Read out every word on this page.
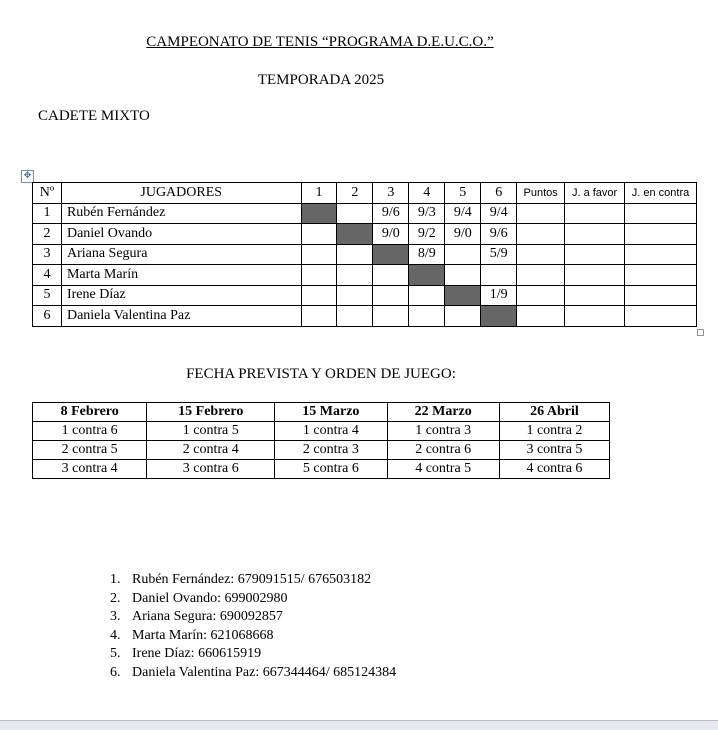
CAMPEONATO DE TENIS “PROGRAMA D.E.U.C.O.”
TEMPORADA 2025
CADETE MIXTO
✥
Nº	JUGADORES	1	2	3	4	5	6	Puntos	J. a favor	J. en contra
1	Rubén Fernández			9/6	9/3	9/4	9/4			
2	Daniel Ovando			9/0	9/2	9/0	9/6			
3	Ariana Segura				8/9		5/9			
4	Marta Marín									
5	Irene Díaz						1/9			
6	Daniela Valentina Paz									
FECHA PREVISTA Y ORDEN DE JUEGO:
8 Febrero	15 Febrero	15 Marzo	22 Marzo	26 Abril
1 contra 6	1 contra 5	1 contra 4	1 contra 3	1 contra 2
2 contra 5	2 contra 4	2 contra 3	2 contra 6	3 contra 5
3 contra 4	3 contra 6	5 contra 6	4 contra 5	4 contra 6
1. Rubén Fernández: 679091515/ 676503182
2. Daniel Ovando: 699002980
3. Ariana Segura: 690092857
4. Marta Marín: 621068668
5. Irene Díaz: 660615919
6. Daniela Valentina Paz: 667344464/ 685124384
